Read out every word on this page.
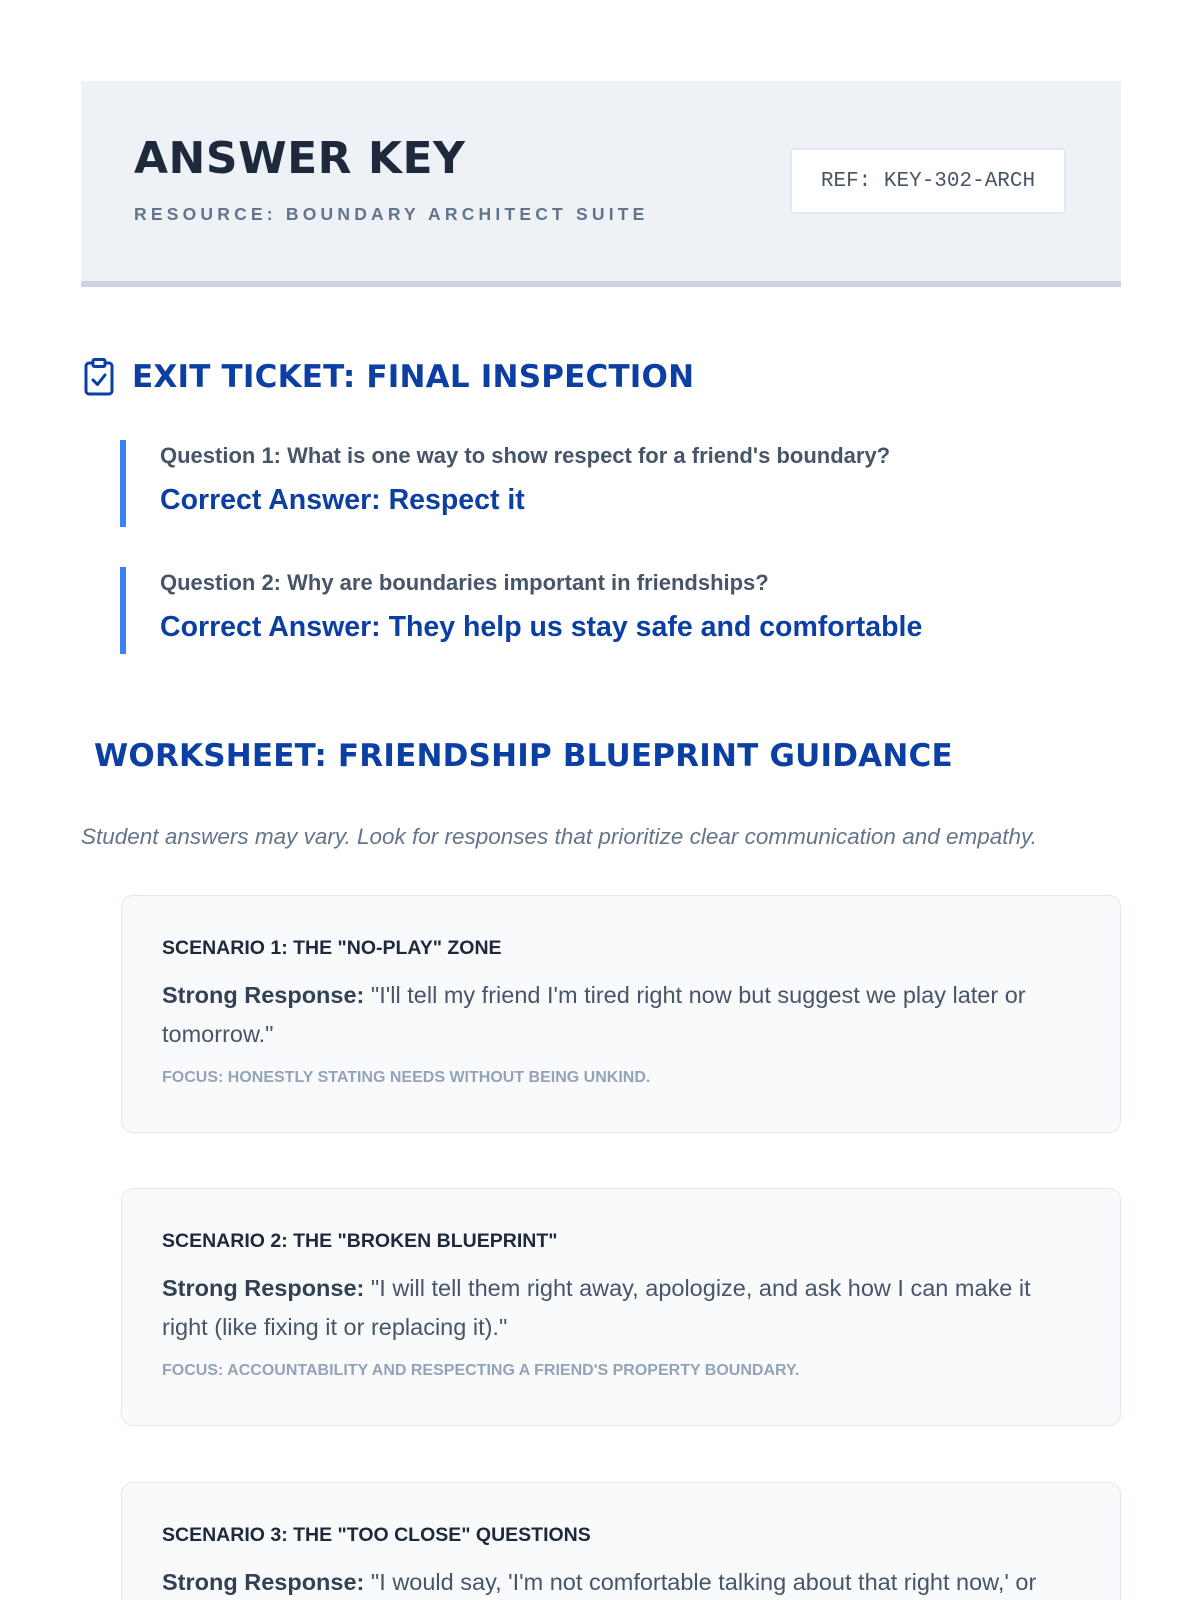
ANSWER KEY
RESOURCE: BOUNDARY ARCHITECT SUITE
REF: KEY-302-ARCH
EXIT TICKET: FINAL INSPECTION
Question 1: What is one way to show respect for a friend's boundary?
Correct Answer: Respect it
Question 2: Why are boundaries important in friendships?
Correct Answer: They help us stay safe and comfortable
WORKSHEET: FRIENDSHIP BLUEPRINT GUIDANCE
Student answers may vary. Look for responses that prioritize clear communication and empathy.
SCENARIO 1: THE "NO-PLAY" ZONE
Strong Response: "I'll tell my friend I'm tired right now but suggest we play later or tomorrow."
FOCUS: HONESTLY STATING NEEDS WITHOUT BEING UNKIND.
SCENARIO 2: THE "BROKEN BLUEPRINT"
Strong Response: "I will tell them right away, apologize, and ask how I can make it right (like fixing it or replacing it)."
FOCUS: ACCOUNTABILITY AND RESPECTING A FRIEND'S PROPERTY BOUNDARY.
SCENARIO 3: THE "TOO CLOSE" QUESTIONS
Strong Response: "I would say, 'I'm not comfortable talking about that right now,' or
